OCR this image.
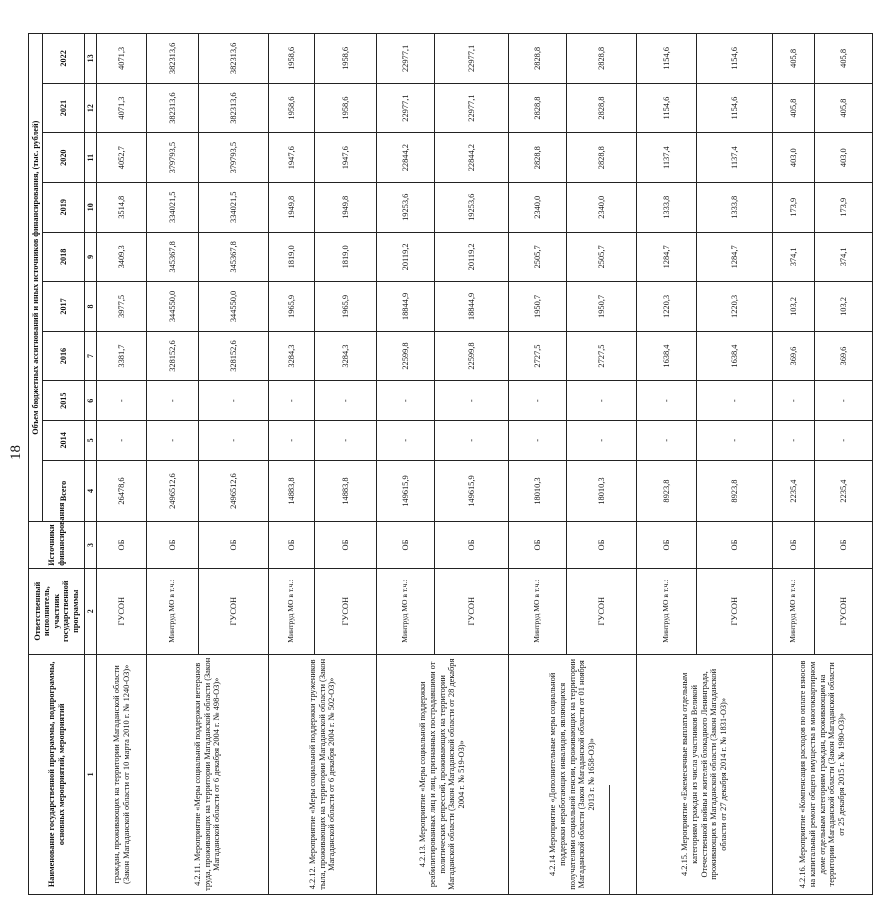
18
Наименование государственной программы, подпрограммы, основных мероприятий, мероприятий	Ответственный исполнитель, участник государственной программы	Источники финансирования	Объем бюджетных ассигнований и иных источников финансирования, (тыс. рублей)									
			Всего	2014	2015	2016	2017	2018	2019	2020	2021	2022
1	2	3	4	5	6	7	8	9	10	11	12	13
граждан, проживающих на территории Магаданской области (Закон Магаданской области от 10 марта 2010 г. № 1240-ОЗ)»	ГУСОН	ОБ	26478,6	-	-	3381,7	3977,5	3409,3	3514,8	4052,7	4071,3	4071,3
4.2.11. Мероприятие «Меры социальной поддержки ветеранов труда, проживающих на территории Магаданской области (Закон Магаданской области от 6 декабря 2004 г. № 498-ОЗ)»	Минтруд МО в т.ч.:	ОБ	2496512,6	-	-	328152,6	344550,0	345367,8	334021,5	379793,5	382313,6	382313,6
	ГУСОН	ОБ	2496512,6	-	-	328152,6	344550,0	345367,8	334021,5	379793,5	382313,6	382313,6
4.2.12. Мероприятие «Меры социальной поддержки тружеников тыла, проживающих на территории Магаданской области (Закон Магаданской области от 6 декабря 2004 г. № 502-ОЗ)»	Минтруд МО в т.ч.:	ОБ	14883,8	-	-	3284,3	1965,9	1819,0	1949,8	1947,6	1958,6	1958,6
	ГУСОН	ОБ	14883,8	-	-	3284,3	1965,9	1819,0	1949,8	1947,6	1958,6	1958,6
4.2.13. Мероприятие «Меры социальной поддержки реабилитированных лиц и лиц, признанных пострадавшими от политических репрессий, проживающих на территории Магаданской области (Закон Магаданской области от 28 декабря 2004 г. № 519-ОЗ)»	Минтруд МО в т.ч.:	ОБ	149615,9	-	-	22599,8	18844,9	20119,2	19253,6	22844,2	22977,1	22977,1
	ГУСОН	ОБ	149615,9	-	-	22599,8	18844,9	20119,2	19253,6	22844,2	22977,1	22977,1
4.2.14 Мероприятие «Дополнительные меры социальной поддержки неработающих инвалидов, являющихся получателями социальной пенсии, проживающих на территории Магаданской области (Закон Магаданской области от 01 ноября 2013 г. № 1658-ОЗ)»	Минтруд МО в т.ч.:	ОБ	18010,3	-	-	2727,5	1950,7	2505,7	2340,0	2828,8	2828,8	2828,8
	ГУСОН	ОБ	18010,3	-	-	2727,5	1950,7	2505,7	2340,0	2828,8	2828,8	2828,8
4.2.15. Мероприятие «Ежемесячные выплаты отдельным категориям граждан из числа участников Великой Отечественной войны и жителей блокадного Ленинграда, проживающих в Магаданской области (Закон Магаданской области от 27 декабря 2014 г. № 1831-ОЗ)»	Минтруд МО в т.ч.:	ОБ	8923,8	-	-	1638,4	1220,3	1284,7	1333,8	1137,4	1154,6	1154,6
	ГУСОН	ОБ	8923,8	-	-	1638,4	1220,3	1284,7	1333,8	1137,4	1154,6	1154,6
4.2.16. Мероприятие «Компенсация расходов по оплате взносов на капитальный ремонт общего имущества в многоквартирном доме отдельным категориям граждан, проживающим на территории Магаданской области (Закон Магаданской области от 25 декабря 2015 г. № 1980-ОЗ)»	Минтруд МО в т.ч.:	ОБ	2235,4	-	-	369,6	103,2	374,1	173,9	403,0	405,8	405,8
	ГУСОН	ОБ	2235,4	-	-	369,6	103,2	374,1	173,9	403,0	405,8	405,8
